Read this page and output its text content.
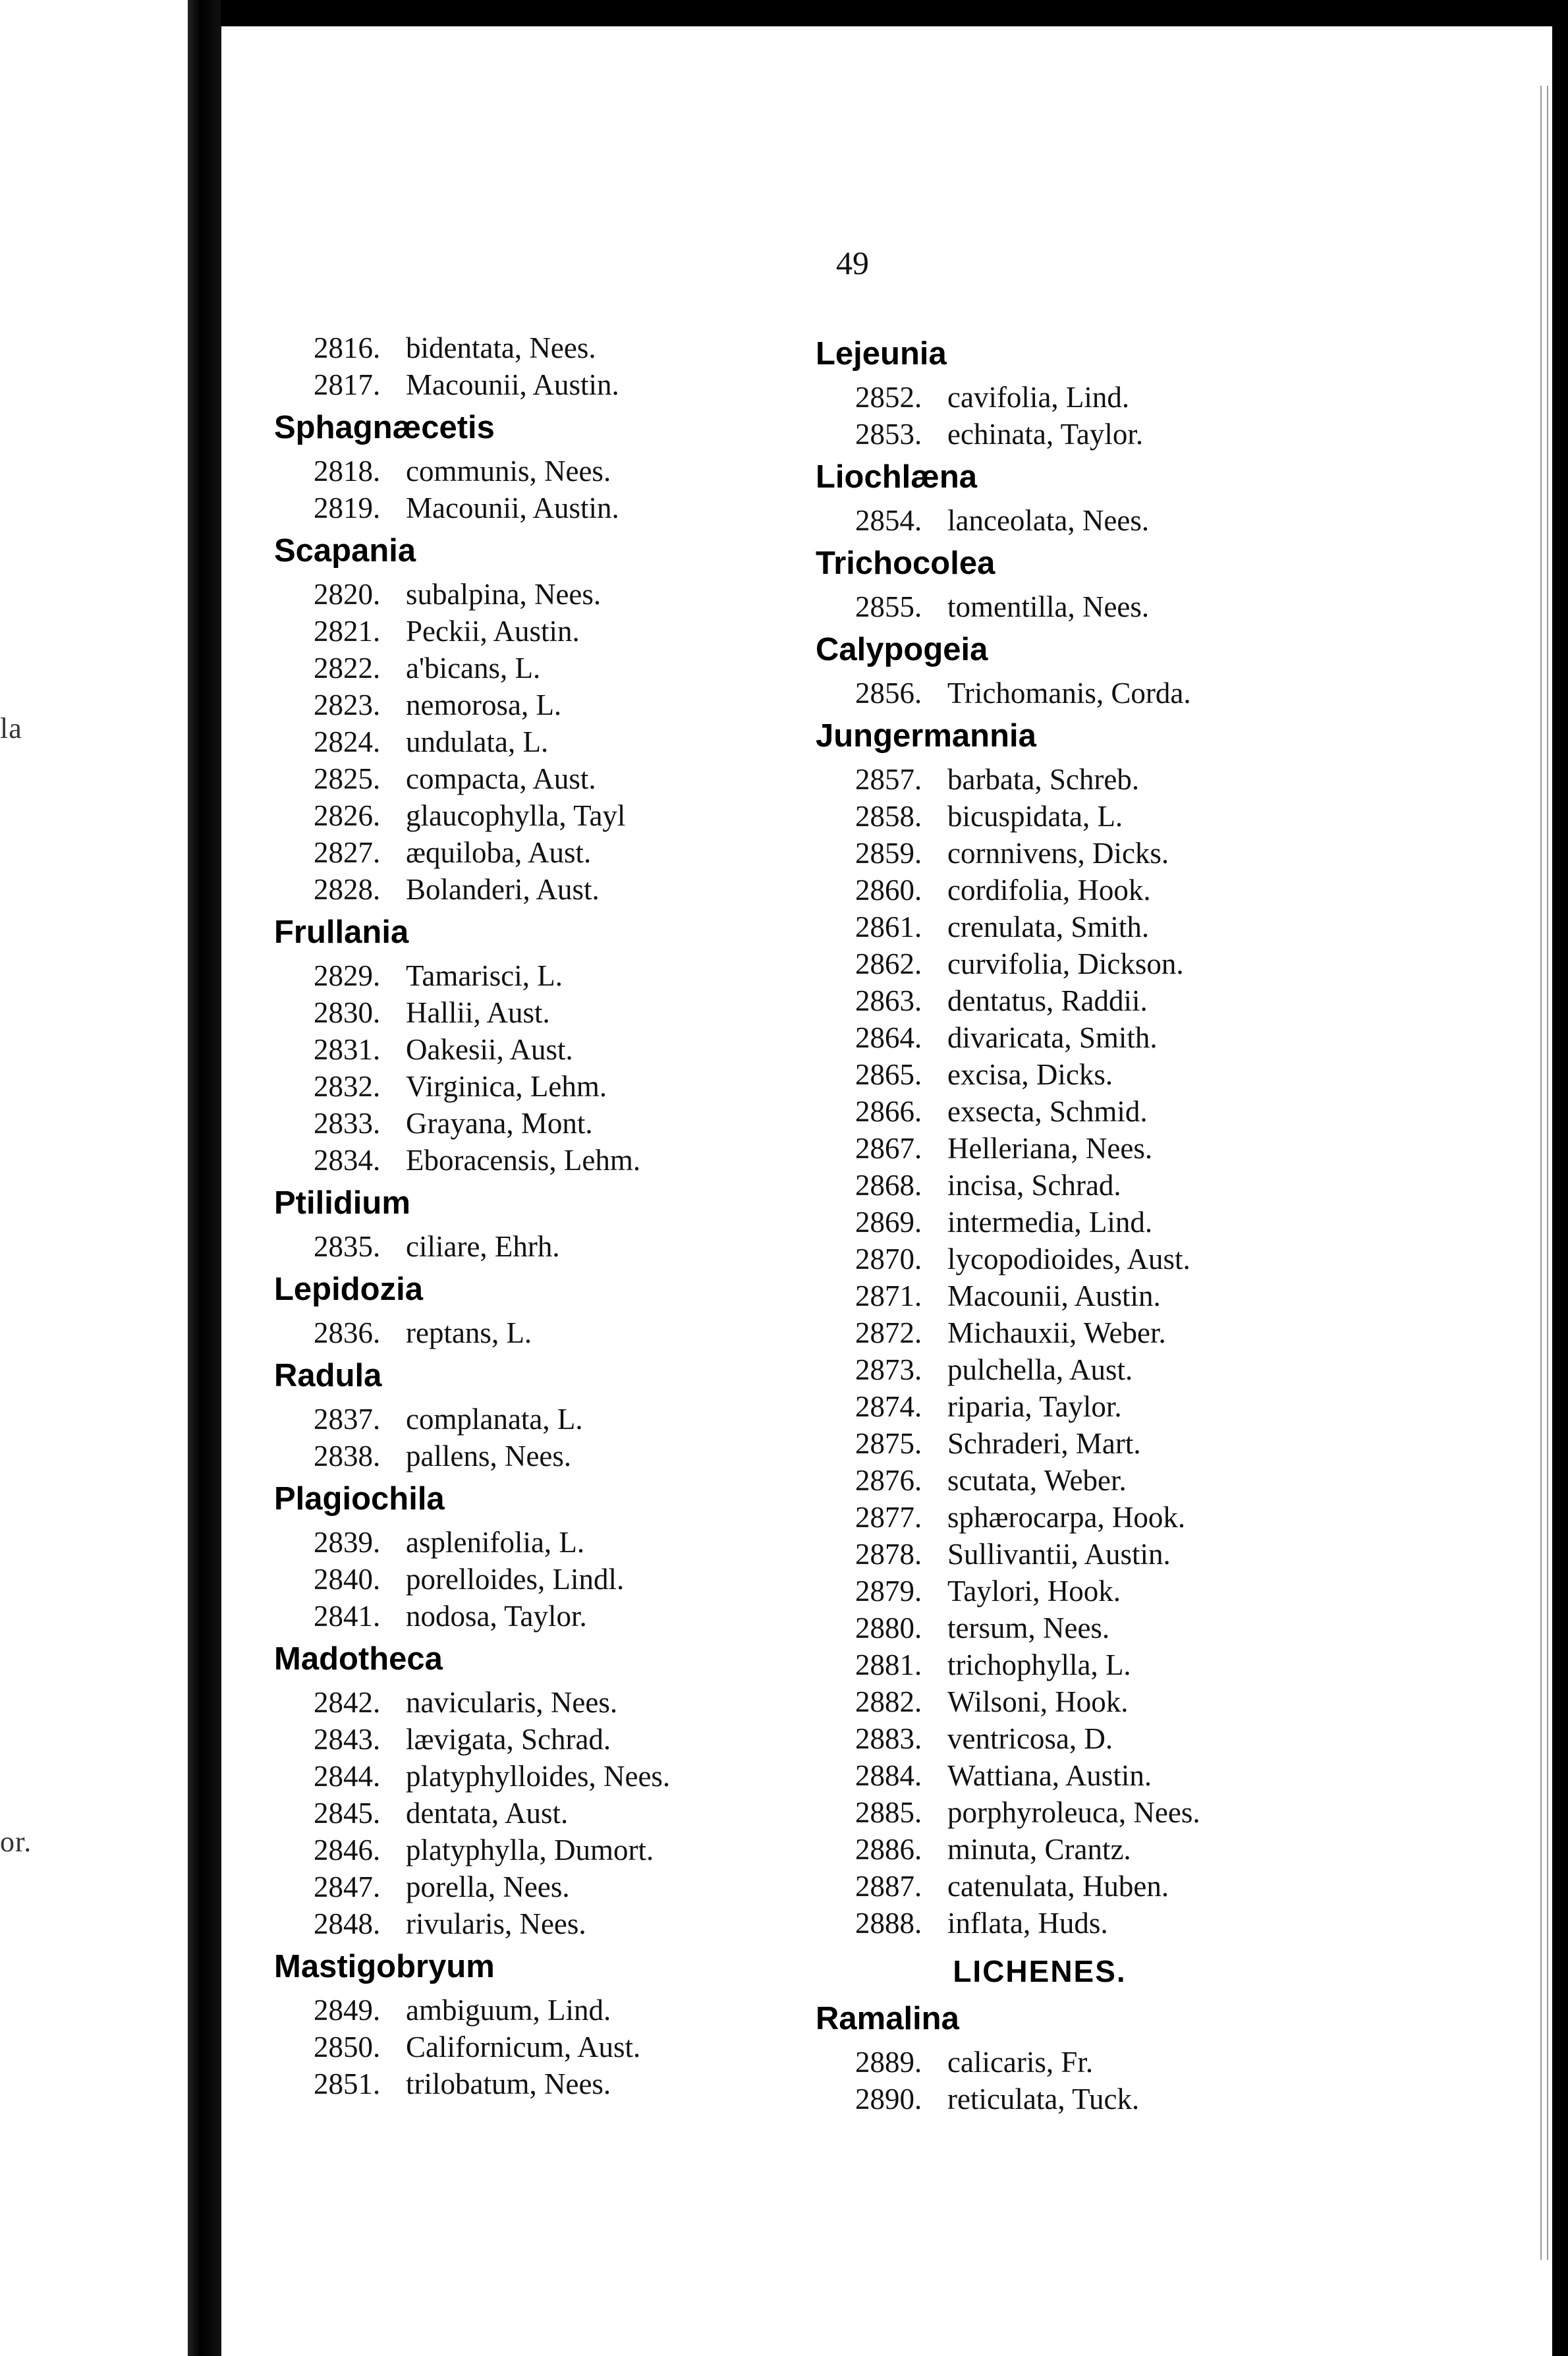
la
or.
49
2816. bidentata, Nees.
2817. Macounii, Austin.
Sphagnæcetis
2818. communis, Nees.
2819. Macounii, Austin.
Scapania
2820. subalpina, Nees.
2821. Peckii, Austin.
2822. a'bicans, L.
2823. nemorosa, L.
2824. undulata, L.
2825. compacta, Aust.
2826. glaucophylla, Tayl
2827. æquiloba, Aust.
2828. Bolanderi, Aust.
Frullania
2829. Tamarisci, L.
2830. Hallii, Aust.
2831. Oakesii, Aust.
2832. Virginica, Lehm.
2833. Grayana, Mont.
2834. Eboracensis, Lehm.
Ptilidium
2835. ciliare, Ehrh.
Lepidozia
2836. reptans, L.
Radula
2837. complanata, L.
2838. pallens, Nees.
Plagiochila
2839. asplenifolia, L.
2840. porelloides, Lindl.
2841. nodosa, Taylor.
Madotheca
2842. navicularis, Nees.
2843. lævigata, Schrad.
2844. platyphylloides, Nees.
2845. dentata, Aust.
2846. platyphylla, Dumort.
2847. porella, Nees.
2848. rivularis, Nees.
Mastigobryum
2849. ambiguum, Lind.
2850. Californicum, Aust.
2851. trilobatum, Nees.
Lejeunia
2852. cavifolia, Lind.
2853. echinata, Taylor.
Liochlæna
2854. lanceolata, Nees.
Trichocolea
2855. tomentilla, Nees.
Calypogeia
2856. Trichomanis, Corda.
Jungermannia
2857. barbata, Schreb.
2858. bicuspidata, L.
2859. cornnivens, Dicks.
2860. cordifolia, Hook.
2861. crenulata, Smith.
2862. curvifolia, Dickson.
2863. dentatus, Raddii.
2864. divaricata, Smith.
2865. excisa, Dicks.
2866. exsecta, Schmid.
2867. Helleriana, Nees.
2868. incisa, Schrad.
2869. intermedia, Lind.
2870. lycopodioides, Aust.
2871. Macounii, Austin.
2872. Michauxii, Weber.
2873. pulchella, Aust.
2874. riparia, Taylor.
2875. Schraderi, Mart.
2876. scutata, Weber.
2877. sphærocarpa, Hook.
2878. Sullivantii, Austin.
2879. Taylori, Hook.
2880. tersum, Nees.
2881. trichophylla, L.
2882. Wilsoni, Hook.
2883. ventricosa, D.
2884. Wattiana, Austin.
2885. porphyroleuca, Nees.
2886. minuta, Crantz.
2887. catenulata, Huben.
2888. inflata, Huds.
LICHENES.
Ramalina
2889. calicaris, Fr.
2890. reticulata, Tuck.
